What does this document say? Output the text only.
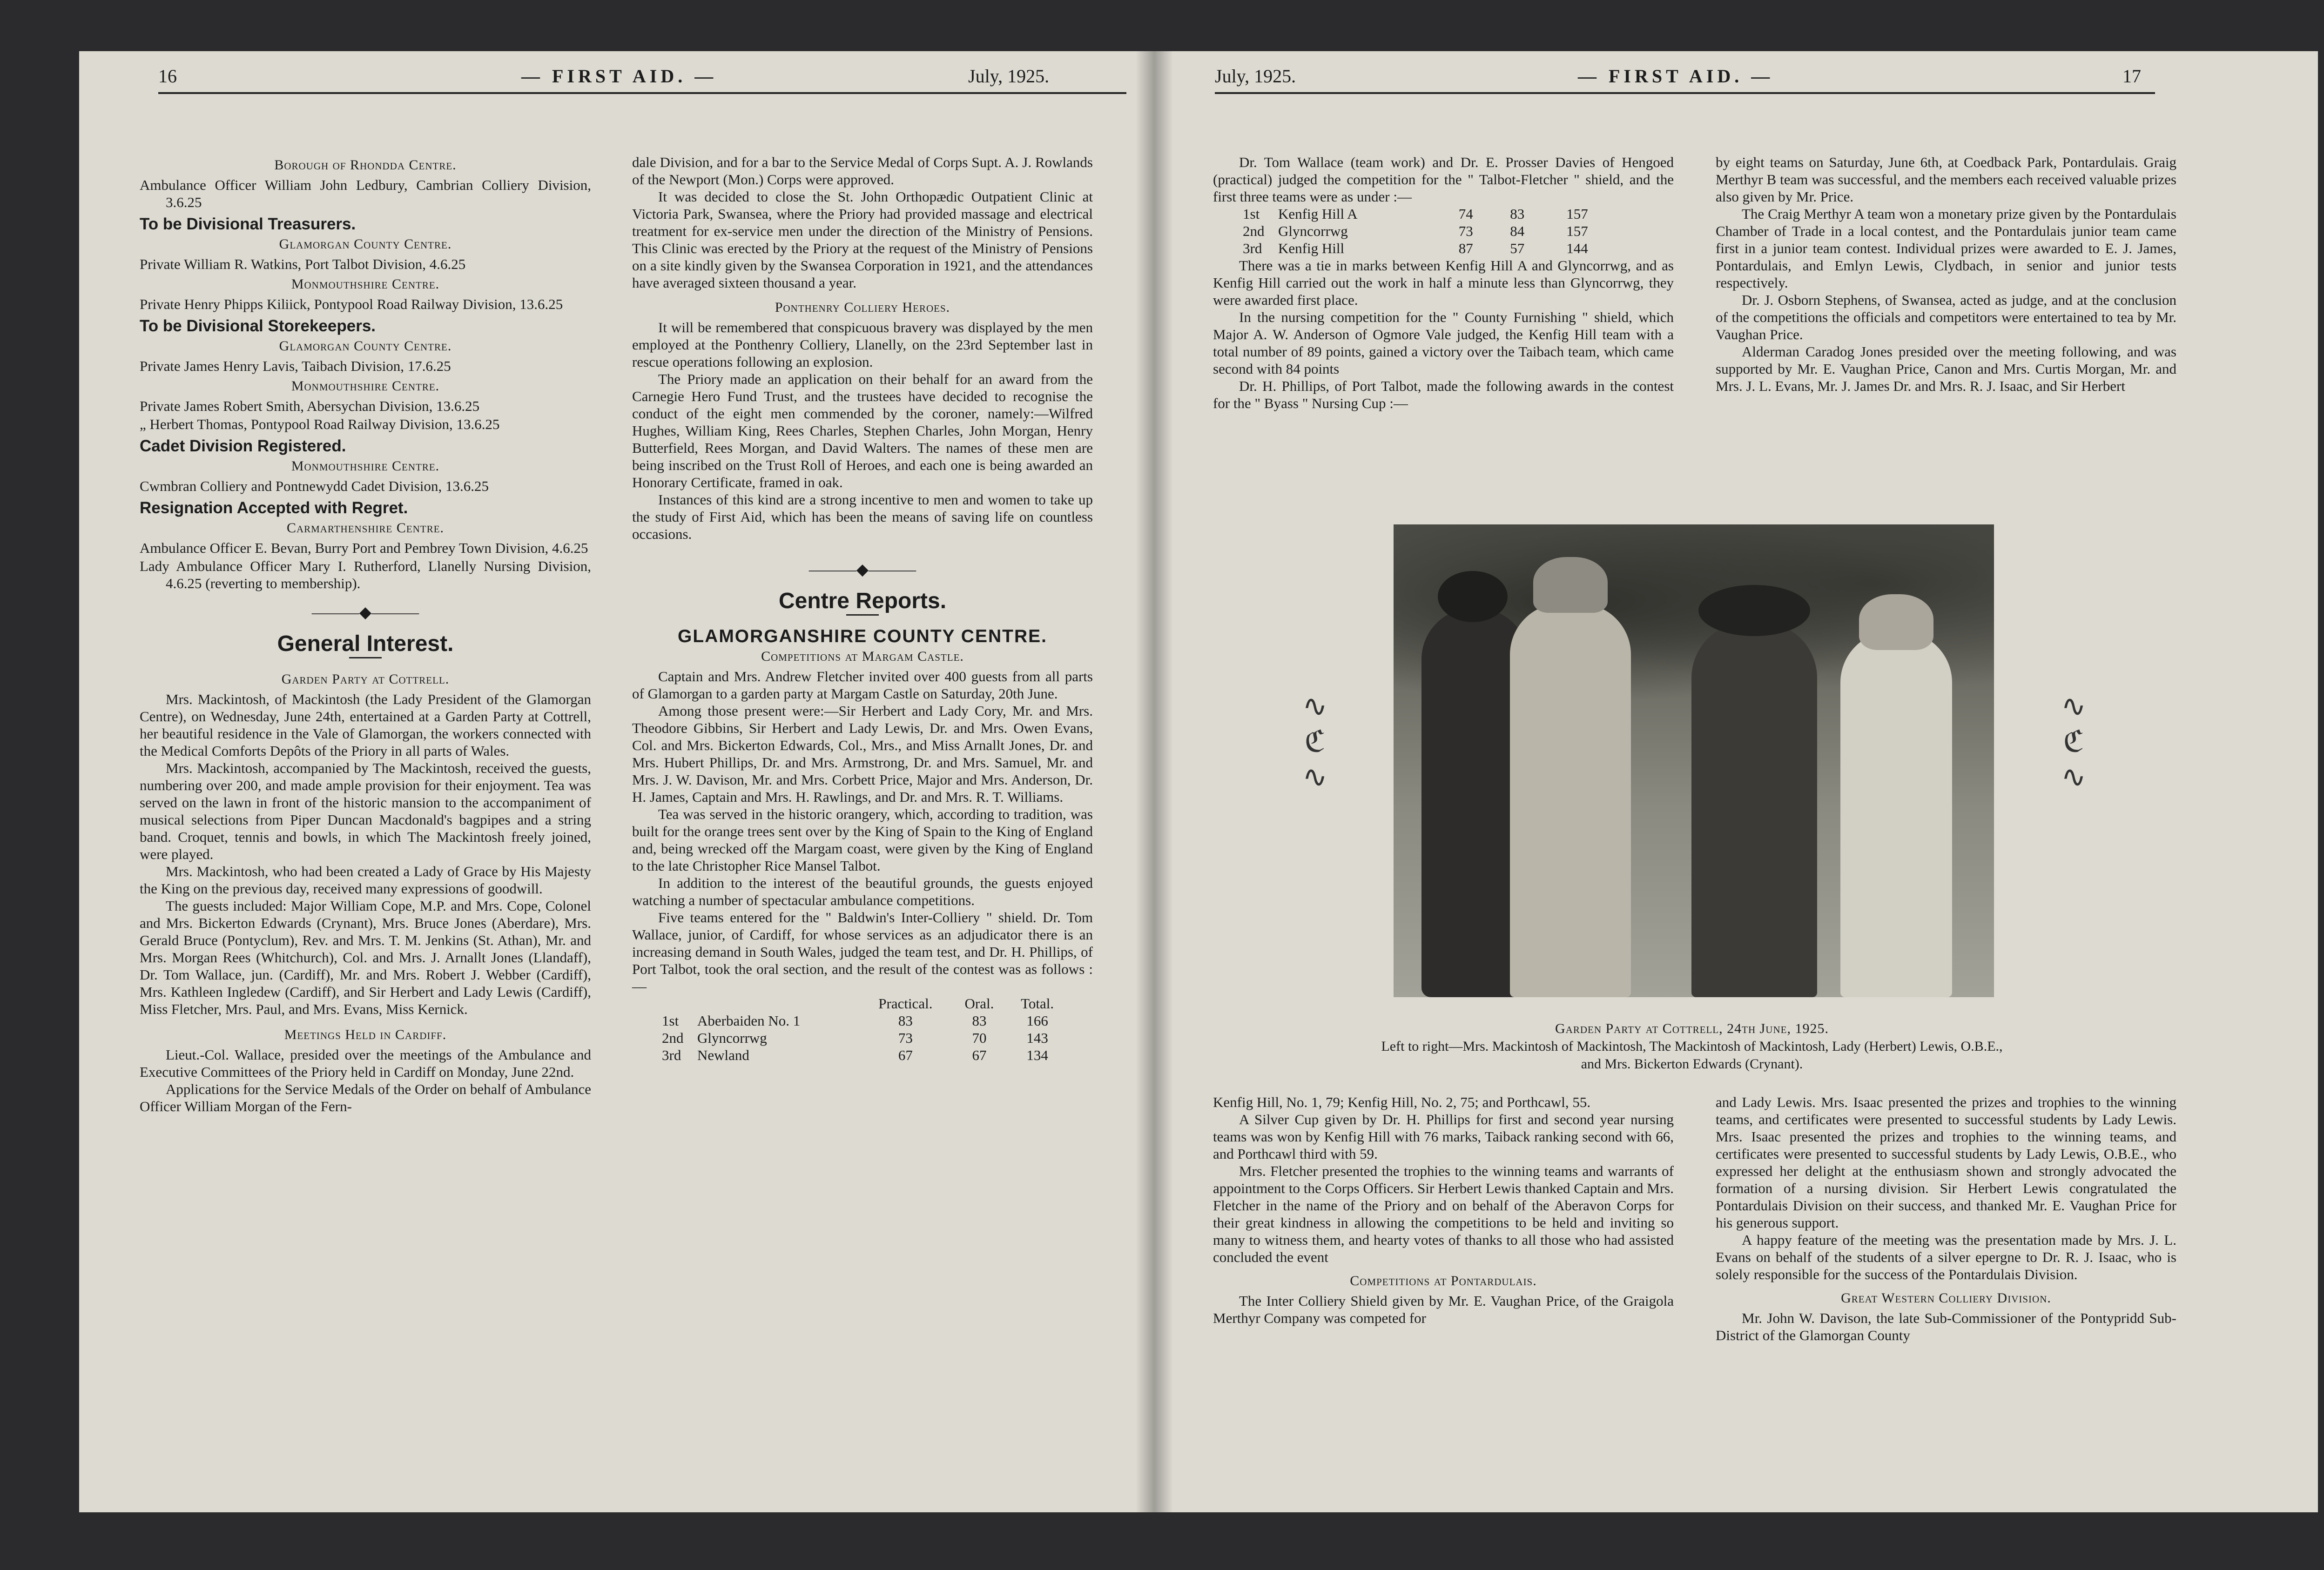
16	— FIRST AID. —	July, 1925.
Borough of Rhondda Centre.
Ambulance Officer William John Ledbury, Cambrian Colliery Division, 3.6.25
To be Divisional Treasurers.
Glamorgan County Centre.
Private William R. Watkins, Port Talbot Division, 4.6.25
Monmouthshire Centre.
Private Henry Phipps Kiliick, Pontypool Road Railway Division, 13.6.25
To be Divisional Storekeepers.
Glamorgan County Centre.
Private James Henry Lavis, Taibach Division, 17.6.25
Monmouthshire Centre.
Private James Robert Smith, Abersychan Division, 13.6.25
„ Herbert Thomas, Pontypool Road Railway Division, 13.6.25
Cadet Division Registered.
Monmouthshire Centre.
Cwmbran Colliery and Pontnewydd Cadet Division, 13.6.25
Resignation Accepted with Regret.
Carmarthenshire Centre.
Ambulance Officer E. Bevan, Burry Port and Pembrey Town Division, 4.6.25
Lady Ambulance Officer Mary I. Rutherford, Llanelly Nursing Division, 4.6.25 (reverting to membership).
———◆———
General Interest.
Garden Party at Cottrell.

Mrs. Mackintosh, of Mackintosh (the Lady President of the Glamorgan Centre), on Wednesday, June 24th, entertained at a Garden Party at Cottrell, her beautiful residence in the Vale of Glamorgan, the workers connected with the Medical Comforts Depôts of the Priory in all parts of Wales.

Mrs. Mackintosh, accompanied by The Mackintosh, received the guests, numbering over 200, and made ample provision for their enjoyment. Tea was served on the lawn in front of the historic mansion to the accompaniment of musical selections from Piper Duncan Macdonald's bagpipes and a string band. Croquet, tennis and bowls, in which The Mackintosh freely joined, were played.

Mrs. Mackintosh, who had been created a Lady of Grace by His Majesty the King on the previous day, received many expressions of goodwill.

The guests included: Major William Cope, M.P. and Mrs. Cope, Colonel and Mrs. Bickerton Edwards (Crynant), Mrs. Bruce Jones (Aberdare), Mrs. Gerald Bruce (Pontyclum), Rev. and Mrs. T. M. Jenkins (St. Athan), Mr. and Mrs. Morgan Rees (Whitchurch), Col. and Mrs. J. Arnallt Jones (Llandaff), Dr. Tom Wallace, jun. (Cardiff), Mr. and Mrs. Robert J. Webber (Cardiff), Mrs. Kathleen Ingledew (Cardiff), and Sir Herbert and Lady Lewis (Cardiff), Miss Fletcher, Mrs. Paul, and Mrs. Evans, Miss Kernick.

Meetings Held in Cardiff.

Lieut.-Col. Wallace, presided over the meetings of the Ambulance and Executive Committees of the Priory held in Cardiff on Monday, June 22nd.

Applications for the Service Medals of the Order on behalf of Ambulance Officer William Morgan of the Fern-

dale Division, and for a bar to the Service Medal of Corps Supt. A. J. Rowlands of the Newport (Mon.) Corps were approved.

It was decided to close the St. John Orthopædic Outpatient Clinic at Victoria Park, Swansea, where the Priory had provided massage and electrical treatment for ex-service men under the direction of the Ministry of Pensions. This Clinic was erected by the Priory at the request of the Ministry of Pensions on a site kindly given by the Swansea Corporation in 1921, and the attendances have averaged sixteen thousand a year.

Ponthenry Colliery Heroes.

It will be remembered that conspicuous bravery was displayed by the men employed at the Ponthenry Colliery, Llanelly, on the 23rd September last in rescue operations following an explosion.

The Priory made an application on their behalf for an award from the Carnegie Hero Fund Trust, and the trustees have decided to recognise the conduct of the eight men commended by the coroner, namely:—Wilfred Hughes, William King, Rees Charles, Stephen Charles, John Morgan, Henry Butterfield, Rees Morgan, and David Walters. The names of these men are being inscribed on the Trust Roll of Heroes, and each one is being awarded an Honorary Certificate, framed in oak.

Instances of this kind are a strong incentive to men and women to take up the study of First Aid, which has been the means of saving life on countless occasions.

———◆———
Centre Reports.
GLAMORGANSHIRE COUNTY CENTRE.
Competitions at Margam Castle.

Captain and Mrs. Andrew Fletcher invited over 400 guests from all parts of Glamorgan to a garden party at Margam Castle on Saturday, 20th June.

Among those present were:—Sir Herbert and Lady Cory, Mr. and Mrs. Theodore Gibbins, Sir Herbert and Lady Lewis, Dr. and Mrs. Owen Evans, Col. and Mrs. Bickerton Edwards, Col., Mrs., and Miss Arnallt Jones, Dr. and Mrs. Hubert Phillips, Dr. and Mrs. Armstrong, Dr. and Mrs. Samuel, Mr. and Mrs. J. W. Davison, Mr. and Mrs. Corbett Price, Major and Mrs. Anderson, Dr. H. James, Captain and Mrs. H. Rawlings, and Dr. and Mrs. R. T. Williams.

Tea was served in the historic orangery, which, according to tradition, was built for the orange trees sent over by the King of Spain to the King of England and, being wrecked off the Margam coast, were given by the King of England to the late Christopher Rice Mansel Talbot.

In addition to the interest of the beautiful grounds, the guests enjoyed watching a number of spectacular ambulance competitions.

Five teams entered for the " Baldwin's Inter-Colliery " shield. Dr. Tom Wallace, junior, of Cardiff, for whose services as an adjudicator there is an increasing demand in South Wales, judged the team test, and Dr. H. Phillips, of Port Talbot, took the oral section, and the result of the contest was as follows :—

		Practical.	Oral.	Total.
1st	Aberbaiden No. 1	83	83	166
2nd	Glyncorrwg	73	70	143
3rd	Newland	67	67	134
July, 1925.	— FIRST AID. —	17

Dr. Tom Wallace (team work) and Dr. E. Prosser Davies of Hengoed (practical) judged the competition for the " Talbot-Fletcher " shield, and the first three teams were as under :—

1st	Kenfig Hill A	74	83	157
2nd	Glyncorrwg	73	84	157
3rd	Kenfig Hill	87	57	144

There was a tie in marks between Kenfig Hill A and Glyncorrwg, and as Kenfig Hill carried out the work in half a minute less than Glyncorrwg, they were awarded first place.

In the nursing competition for the " County Furnishing " shield, which Major A. W. Anderson of Ogmore Vale judged, the Kenfig Hill team with a total number of 89 points, gained a victory over the Taibach team, which came second with 84 points

Dr. H. Phillips, of Port Talbot, made the following awards in the contest for the " Byass " Nursing Cup :—

by eight teams on Saturday, June 6th, at Coedback Park, Pontardulais. Graig Merthyr B team was successful, and the members each received valuable prizes also given by Mr. Price.

The Craig Merthyr A team won a monetary prize given by the Pontardulais Chamber of Trade in a local contest, and the Pontardulais junior team came first in a junior team contest. Individual prizes were awarded to E. J. James, Pontardulais, and Emlyn Lewis, Clydbach, in senior and junior tests respectively.

Dr. J. Osborn Stephens, of Swansea, acted as judge, and at the conclusion of the competitions the officials and competitors were entertained to tea by Mr. Vaughan Price.

Alderman Caradog Jones presided over the meeting following, and was supported by Mr. E. Vaughan Price, Canon and Mrs. Curtis Morgan, Mr. and Mrs. J. L. Evans, Mr. J. James Dr. and Mrs. R. J. Isaac, and Sir Herbert

∿
ℭ
∿
∿
ℭ
∿
Garden Party at Cottrell, 24th June, 1925.
Left to right—Mrs. Mackintosh of Mackintosh, The Mackintosh of Mackintosh, Lady (Herbert) Lewis, O.B.E.,
and Mrs. Bickerton Edwards (Crynant).

Kenfig Hill, No. 1, 79; Kenfig Hill, No. 2, 75; and Porthcawl, 55.

A Silver Cup given by Dr. H. Phillips for first and second year nursing teams was won by Kenfig Hill with 76 marks, Taiback ranking second with 66, and Porthcawl third with 59.

Mrs. Fletcher presented the trophies to the winning teams and warrants of appointment to the Corps Officers. Sir Herbert Lewis thanked Captain and Mrs. Fletcher in the name of the Priory and on behalf of the Aberavon Corps for their great kindness in allowing the competitions to be held and inviting so many to witness them, and hearty votes of thanks to all those who had assisted concluded the event

Competitions at Pontardulais.

The Inter Colliery Shield given by Mr. E. Vaughan Price, of the Graigola Merthyr Company was competed for

and Lady Lewis. Mrs. Isaac presented the prizes and trophies to the winning teams, and certificates were presented to successful students by Lady Lewis. Mrs. Isaac presented the prizes and trophies to the winning teams, and certificates were presented to successful students by Lady Lewis, O.B.E., who expressed her delight at the enthusiasm shown and strongly advocated the formation of a nursing division. Sir Herbert Lewis congratulated the Pontardulais Division on their success, and thanked Mr. E. Vaughan Price for his generous support.

A happy feature of the meeting was the presentation made by Mrs. J. L. Evans on behalf of the students of a silver epergne to Dr. R. J. Isaac, who is solely responsible for the success of the Pontardulais Division.

Great Western Colliery Division.

Mr. John W. Davison, the late Sub-Commissioner of the Pontypridd Sub-District of the Glamorgan County
